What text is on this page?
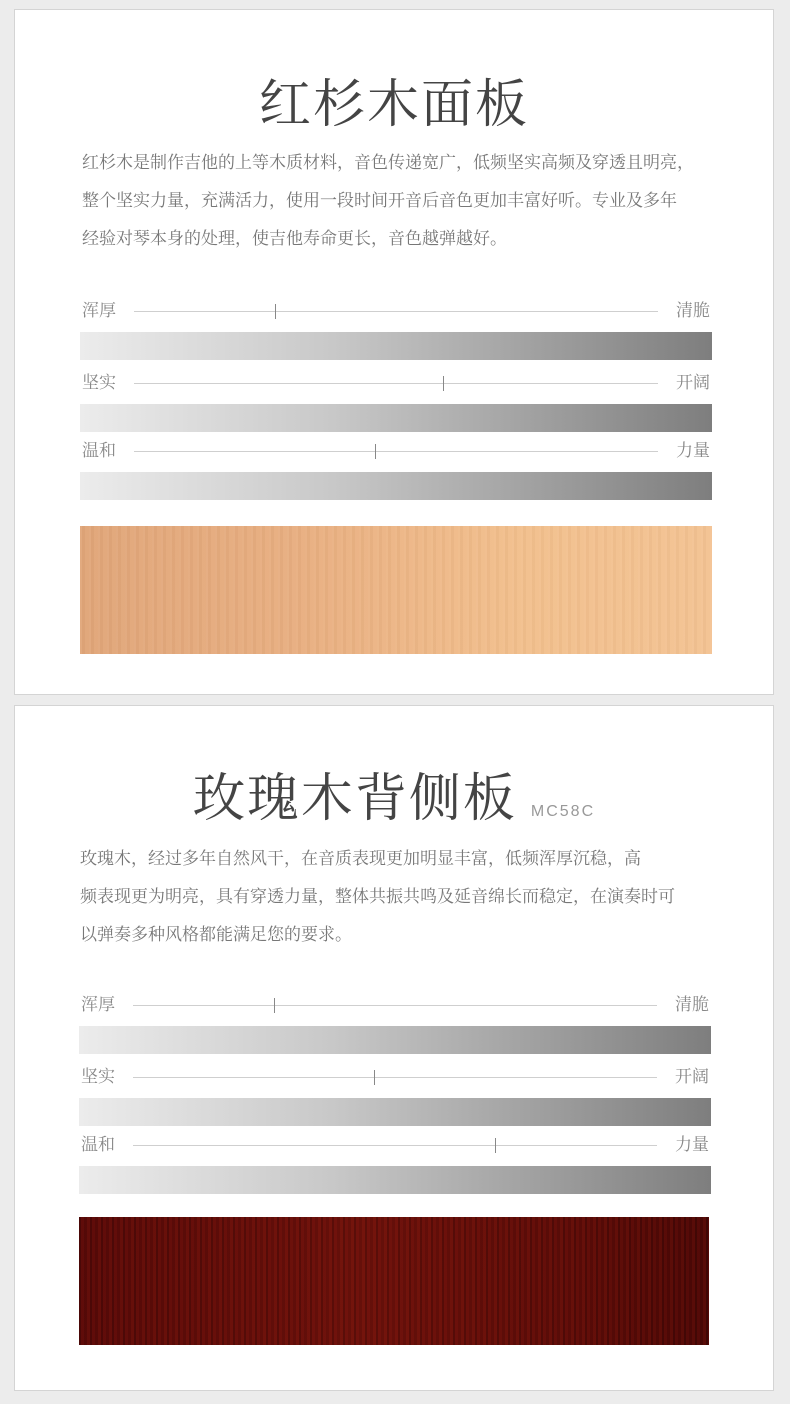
红杉木面板

红杉木是制作吉他的上等木质材料，音色传递宽广，低频坚实高频及穿透且明亮，
整个坚实力量，充满活力，使用一段时间开音后音色更加丰富好听。专业及多年
经验对琴本身的处理，使吉他寿命更长，音色越弹越好。

浑厚	清脆
坚实	开阔
温和	力量
玫瑰木背侧板 MC58C

玫瑰木，经过多年自然风干，在音质表现更加明显丰富，低频浑厚沉稳，高
频表现更为明亮，具有穿透力量，整体共振共鸣及延音绵长而稳定，在演奏时可
以弹奏多种风格都能满足您的要求。

浑厚	清脆
坚实	开阔
温和	力量
